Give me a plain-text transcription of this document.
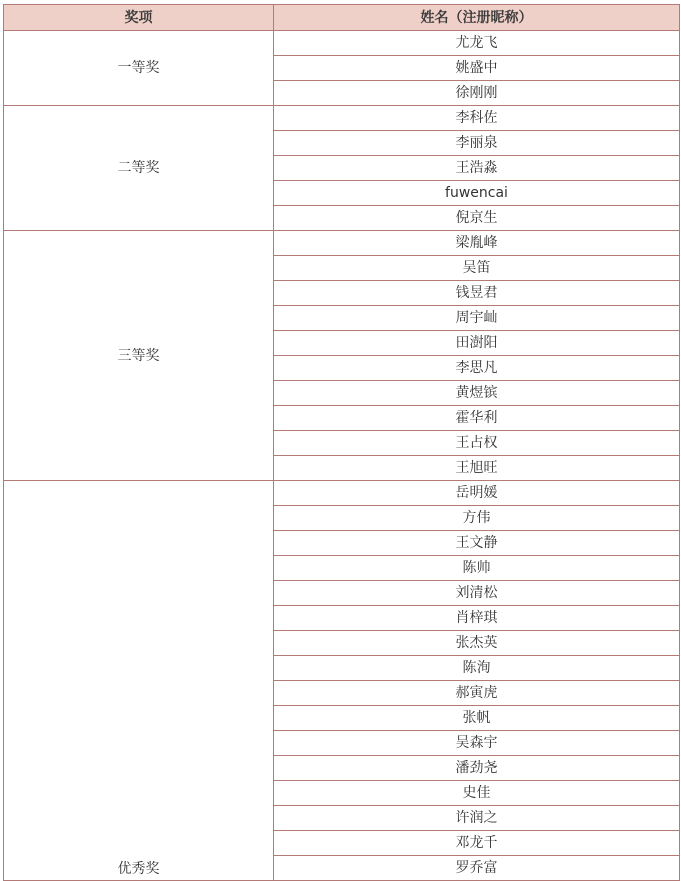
奖项	姓名（注册昵称）
一等奖	尤龙飞
	姚盛中
	徐刚刚
二等奖	李科佐
	李丽泉
	王浩淼
	fuwencai
	倪京生
三等奖	梁胤峰
	吴笛
	钱昱君
	周宇屾
	田澍阳
	李思凡
	黄煜镔
	霍华利
	王占权
	王旭旺
优秀奖	岳明媛
	方伟
	王文静
	陈帅
	刘清松
	肖梓琪
	张杰英
	陈洵
	郝寅虎
	张帆
	吴森宇
	潘劲尧
	史佳
	许润之
	邓龙千
	罗乔富
